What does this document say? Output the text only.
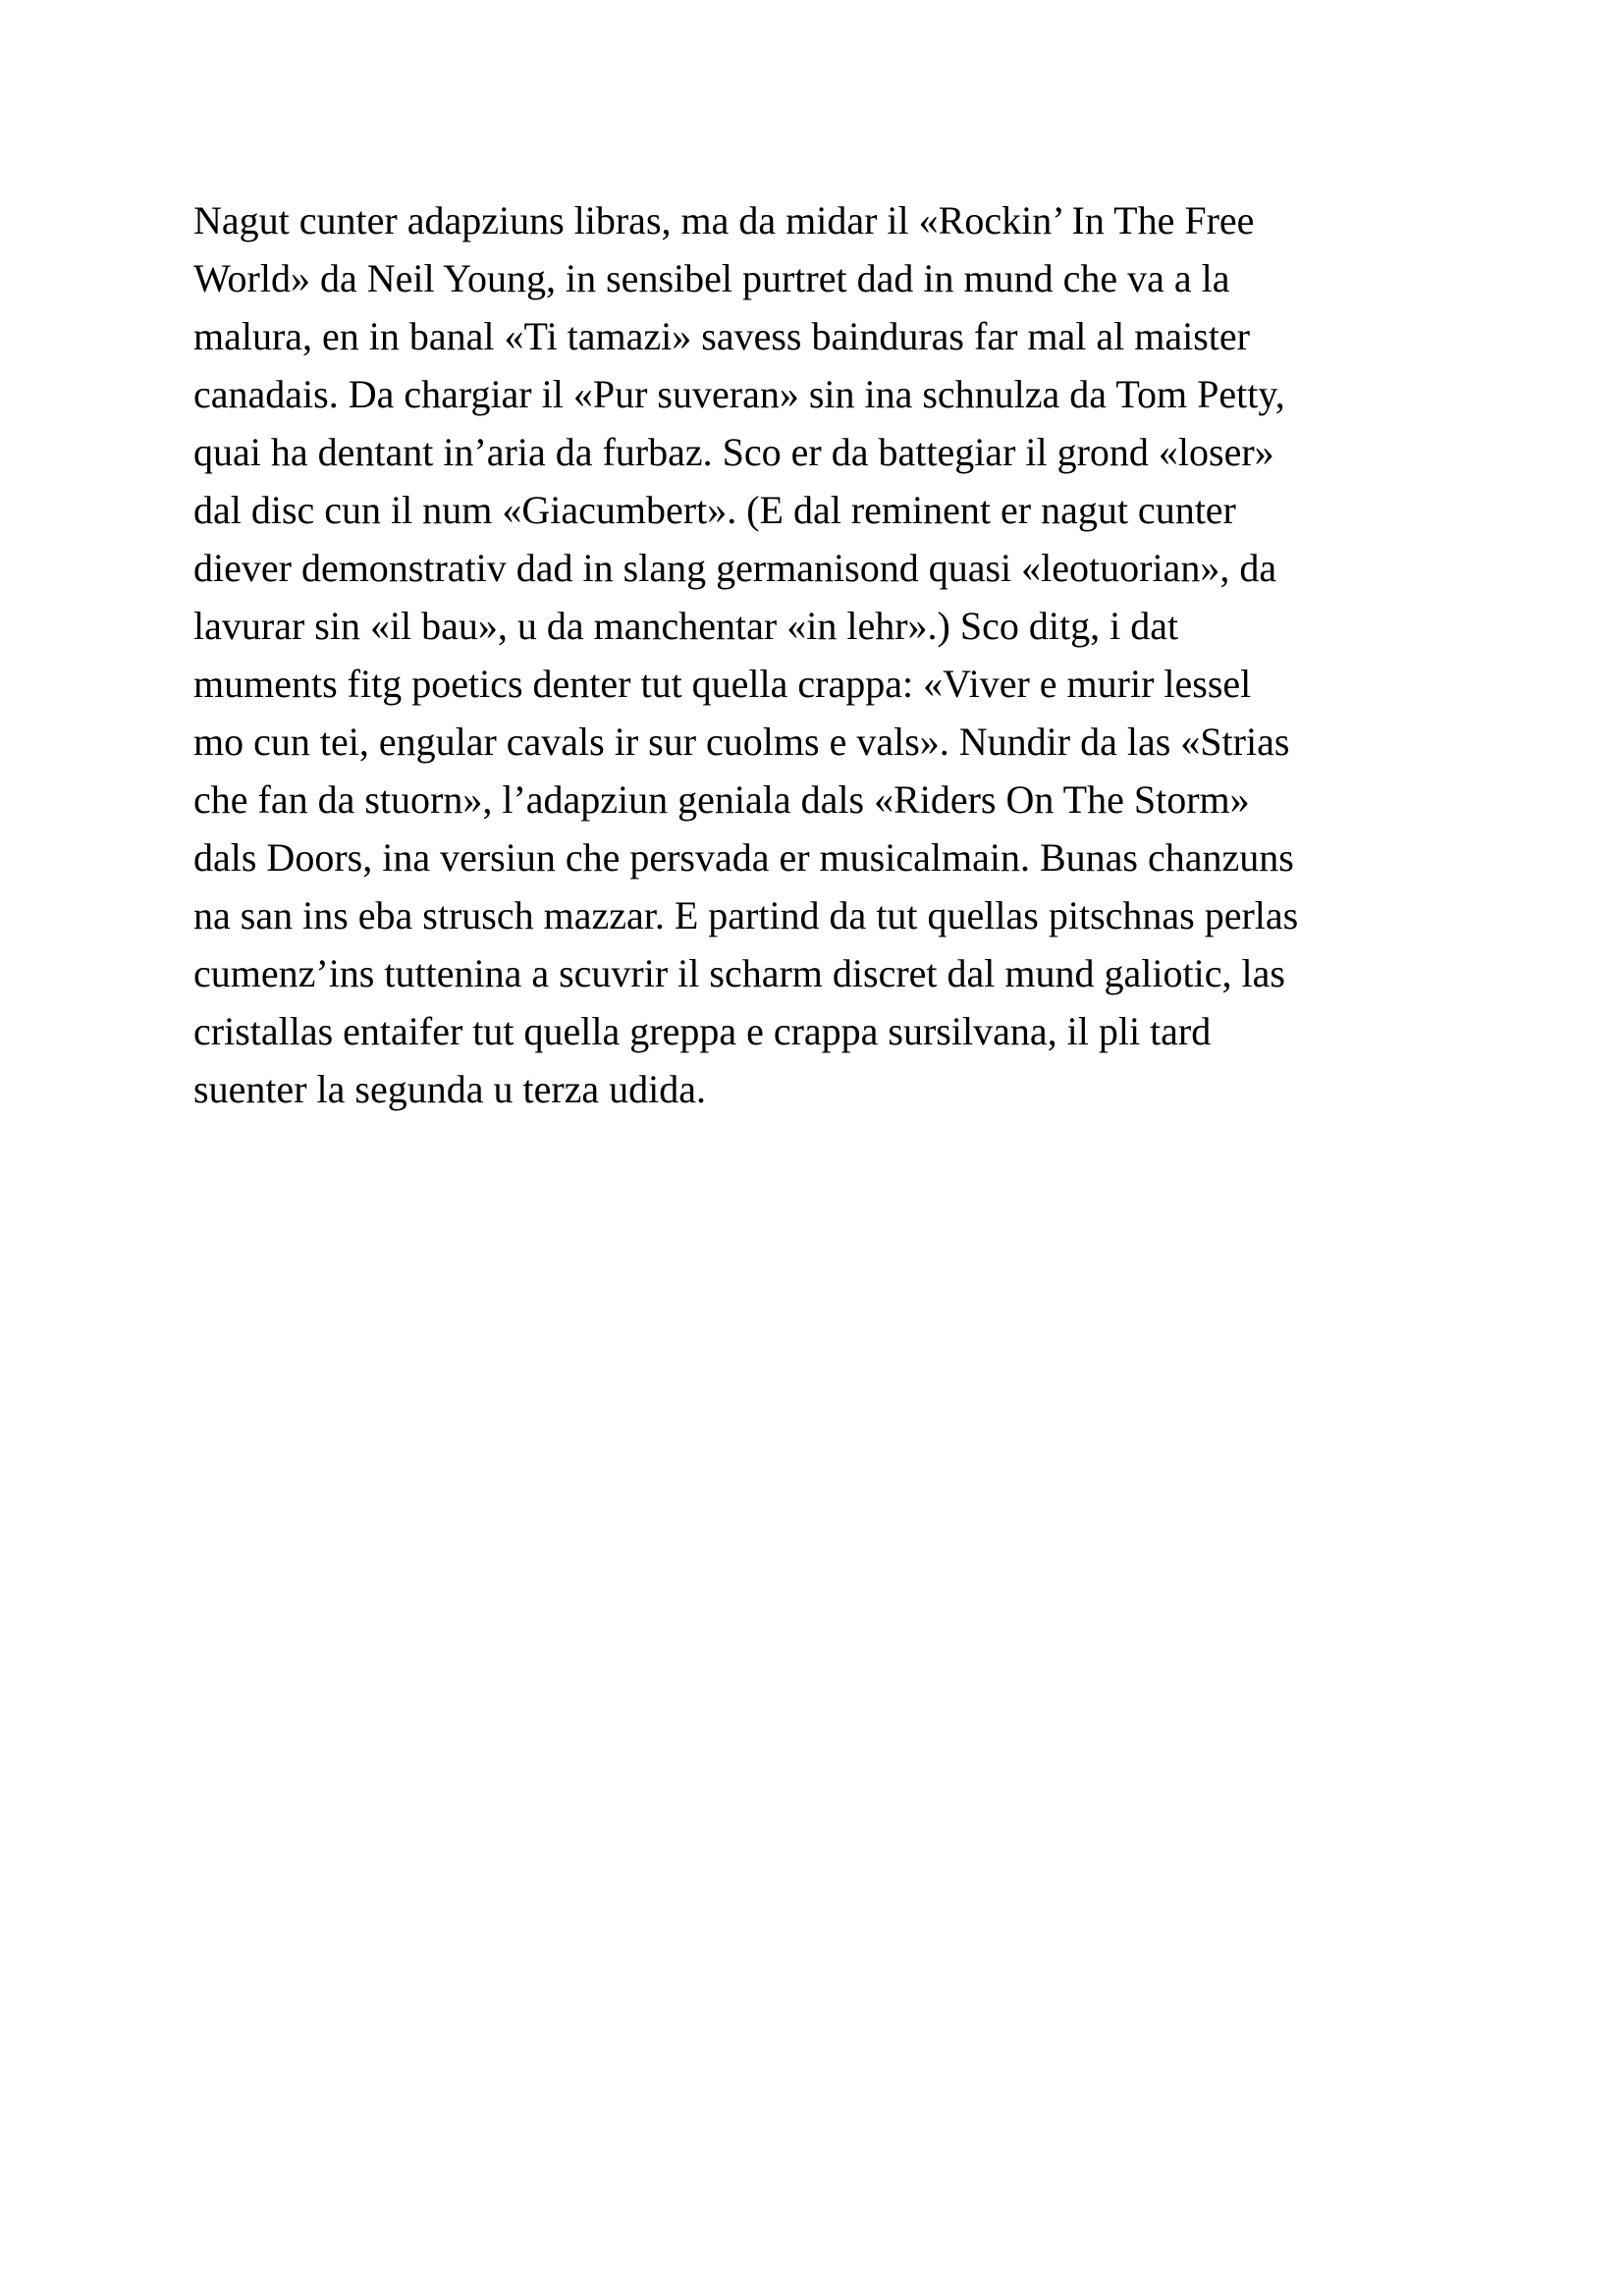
Nagut cunter adapziuns libras, ma da midar il «Rockin’ In The Free
World» da Neil Young, in sensibel purtret dad in mund che va a la
malura, en in banal «Ti tamazi» savess bainduras far mal al maister
canadais. Da chargiar il «Pur suveran» sin ina schnulza da Tom Petty,
quai ha dentant in’aria da furbaz. Sco er da battegiar il grond «loser»
dal disc cun il num «Giacumbert». (E dal reminent er nagut cunter
diever demonstrativ dad in slang germanisond quasi «leotuorian», da
lavurar sin «il bau», u da manchentar «in lehr».) Sco ditg, i dat
muments fitg poetics denter tut quella crappa: «Viver e murir lessel
mo cun tei, engular cavals ir sur cuolms e vals». Nundir da las «Strias
che fan da stuorn», l’adapziun geniala dals «Riders On The Storm»
dals Doors, ina versiun che persvada er musicalmain. Bunas chanzuns
na san ins eba strusch mazzar. E partind da tut quellas pitschnas perlas
cumenz’ins tuttenina a scuvrir il scharm discret dal mund galiotic, las
cristallas entaifer tut quella greppa e crappa sursilvana, il pli tard
suenter la segunda u terza udida.
